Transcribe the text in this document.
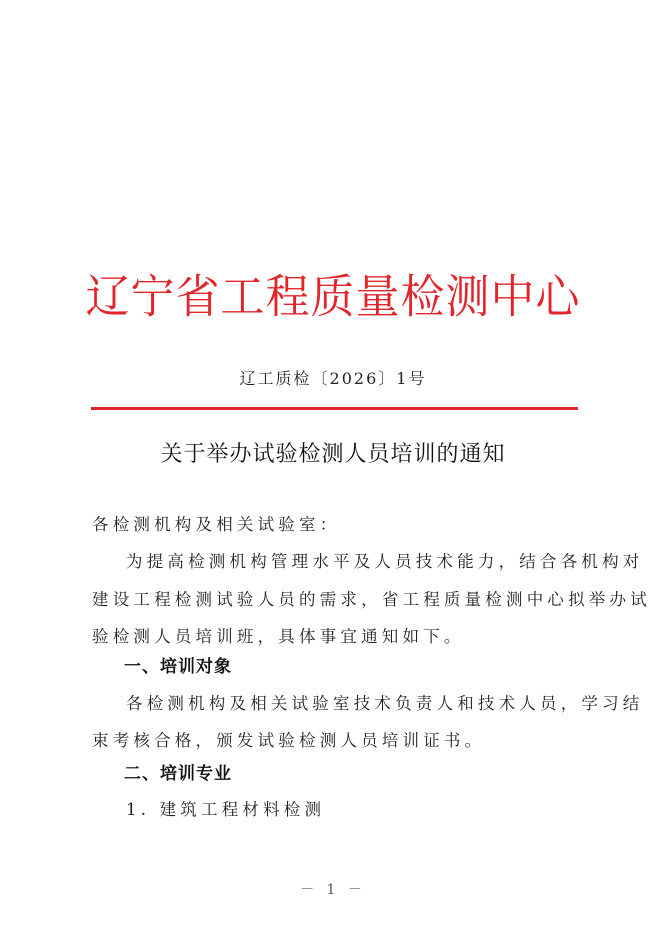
辽宁省工程质量检测中心
辽工质检〔2026〕1号
关于举办试验检测人员培训的通知
各检测机构及相关试验室：
为提高检测机构管理水平及人员技术能力，结合各机构对
建设工程检测试验人员的需求，省工程质量检测中心拟举办试
验检测人员培训班，具体事宜通知如下。
一、培训对象
各检测机构及相关试验室技术负责人和技术人员，学习结
束考核合格，颁发试验检测人员培训证书。
二、培训专业
1. 建筑工程材料检测
－ 1 －
